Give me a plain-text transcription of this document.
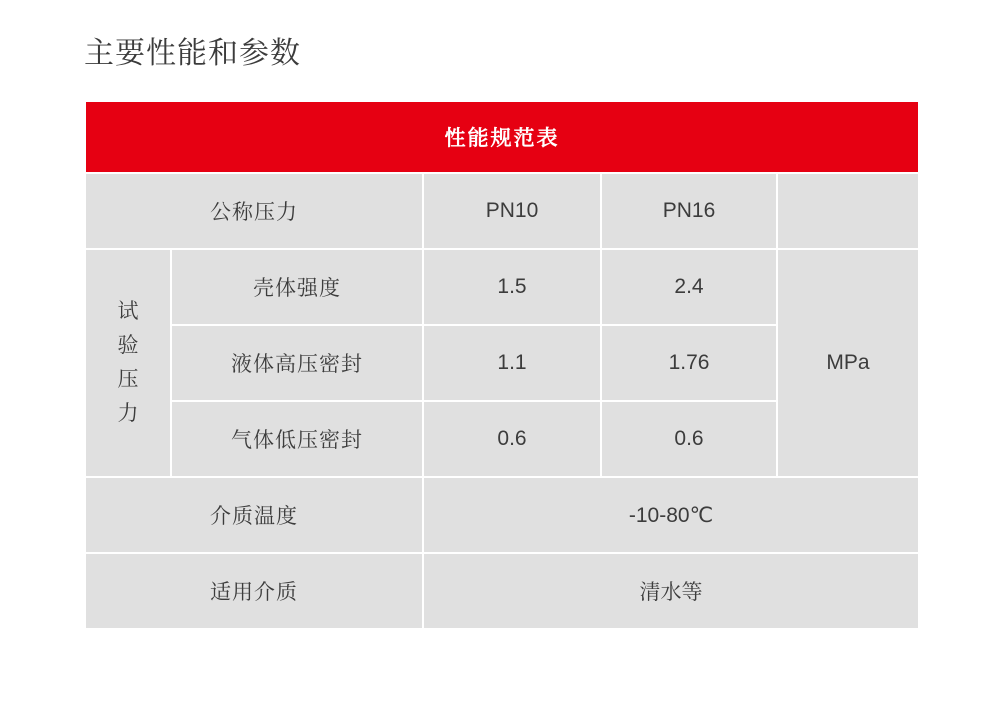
主要性能和参数
性能规范表				
公称压力		PN10	PN16	
试验压力	壳体强度	1.5	2.4	MPa
	液体高压密封	1.1	1.76	
	气体低压密封	0.6	0.6	
介质温度		-10-80℃		
适用介质		清水等		
